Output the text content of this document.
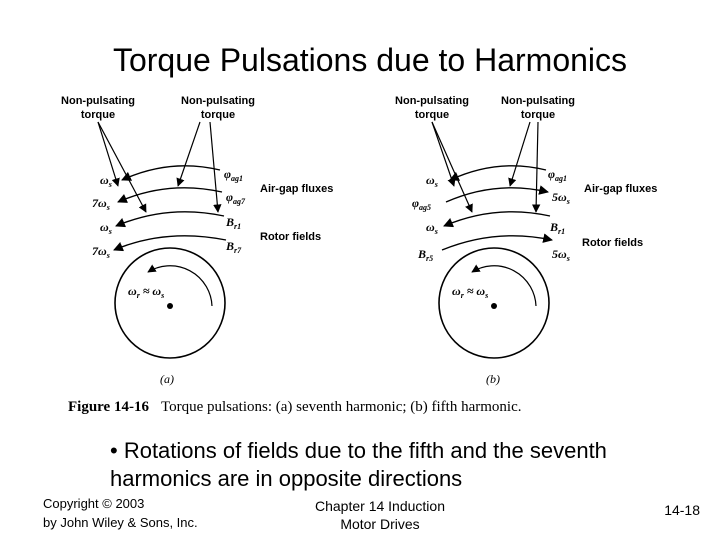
Torque Pulsations due to Harmonics
Non-pulsating
torque
Non-pulsating
torque
$\omega_s$
$7\omega_s$
$\omega_s$
$7\omega_s$
$\varphi_{ag1}$
$\varphi_{ag7}$
$B_{r1}$
$B_{r7}$
Air-gap fluxes
Rotor fields
$\omega_r \approx \omega_s$
(a)
Non-pulsating
torque
Non-pulsating
torque
$\omega_s$
$\varphi_{ag5}$
$\omega_s$
$B_{r5}$
$\varphi_{ag1}$
$5\omega_s$
$B_{r1}$
$5\omega_s$
Air-gap fluxes
Rotor fields
$\omega_r \approx \omega_s$
(b)
Figure 14-16 Torque pulsations: (a) seventh harmonic; (b) fifth harmonic.
• Rotations of fields due to the fifth and the seventh harmonics are in opposite directions
Copyright © 2003
by John Wiley & Sons, Inc.
Chapter 14 Induction
Motor Drives
14-18
